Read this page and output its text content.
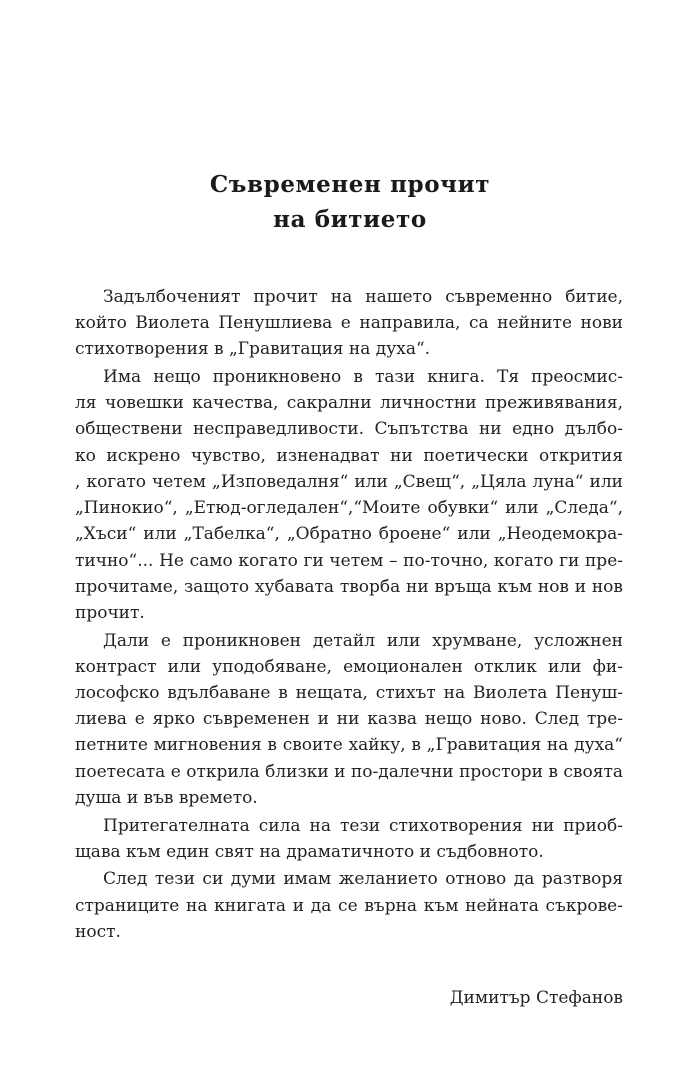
Съвременен прочит
на битието
Задълбоченият прочит на нашето съвременно битие,
който Виолета Пенушлиева е направила, са нейните нови
стихотворения в „Гравитация на духа“.
Има нещо проникновено в тази книга. Тя преосмис-
ля човешки качества, сакрални личностни преживявания,
обществени несправедливости. Съпътства ни едно дълбо-
ко искрено чувство, изненадват ни поетически открития
, когато четем „Изповедалня“ или „Свещ“, „Цяла луна“ или
„Пинокио“, „Етюд-огледален“,“Моите обувки“ или „Следа“,
„Хъси“ или „Табелка“, „Обратно броене“ или „Неодемокра-
тично“... Не само когато ги четем – по-точно, когато ги пре-
прочитаме, защото хубавата творба ни връща към нов и нов
прочит.
Дали е проникновен детайл или хрумване, усложнен
контраст или уподобяване, емоционален отклик или фи-
лософско вдълбаване в нещата, стихът на Виолета Пенуш-
лиева е ярко съвременен и ни казва нещо ново. След тре-
петните мигновения в своите хайку, в „Гравитация на духа“
поетесата е открила близки и по-далечни простори в своята
душа и във времето.
Притегателната сила на тези стихотворения ни приоб-
щава към един свят на драматичното и съдбовното.
След тези си думи имам желанието отново да разтворя
страниците на книгата и да се върна към нейната съкрове-
ност.
Димитър Стефанов
